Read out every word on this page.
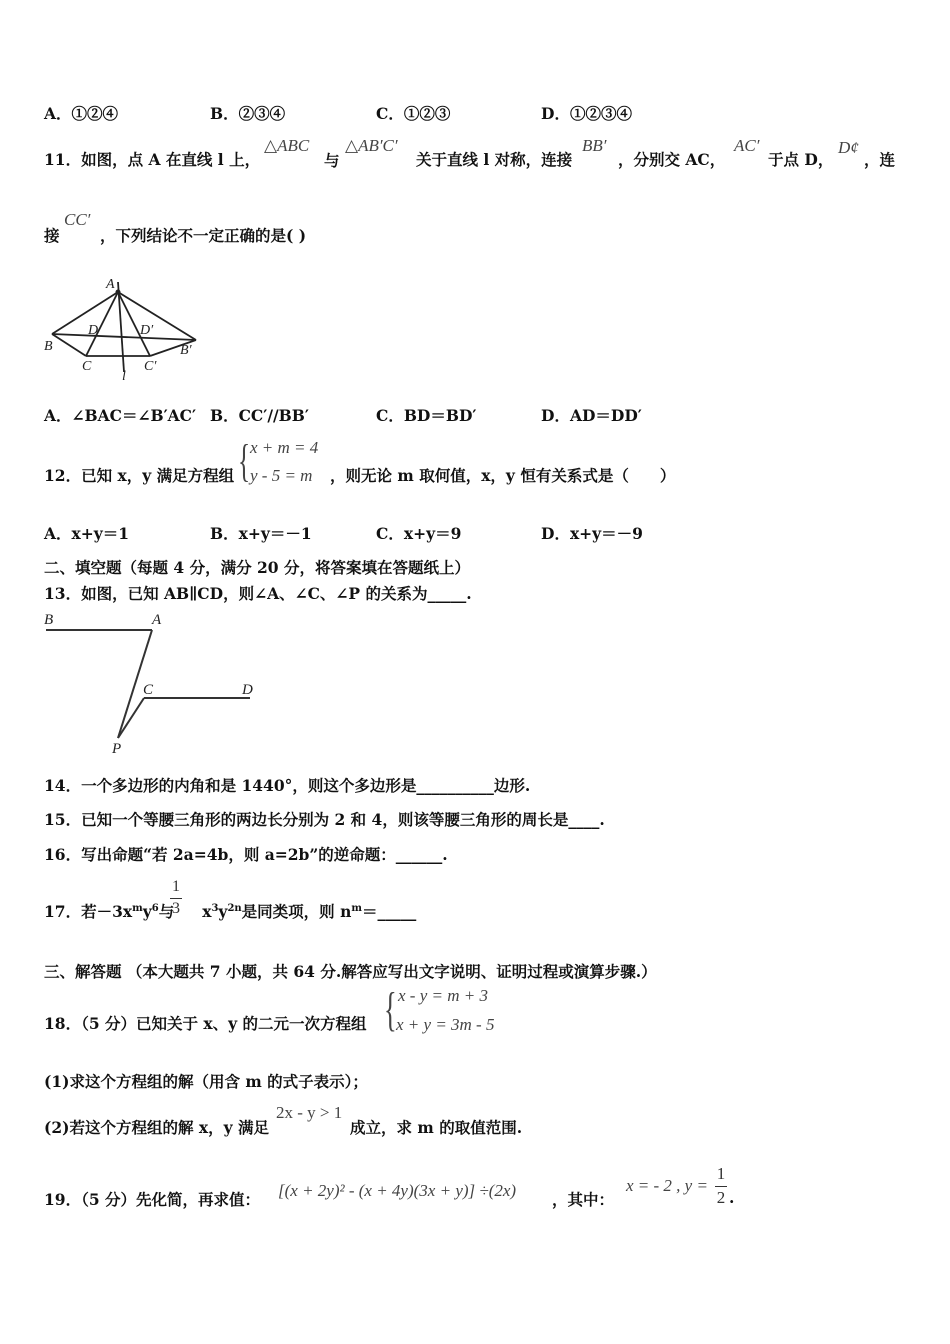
A．①②④	B．②③④	C．①②③	D．①②③④
11．如图，点 A 在直线 l 上，
△ABC
与
△AB′C′
关于直线 l 对称，连接
BB′
，分别交 AC，
AC′
于点 D，
D¢
，连
接
CC′
，下列结论不一定正确的是( )
A
B	B′
C	C′
D	D′
l
A．∠BAC＝∠B′AC′ B．CC′//BB′	C．BD＝BD′	D．AD＝DD′
12．已知 x，y 满足方程组 { x + m = 4
y - 5 = m ，则无论 m 取何值，x，y 恒有关系式是（　　）
A．x+y＝1	B．x+y＝－1	C．x+y＝9	D．x+y＝－9
二、填空题（每题 4 分，满分 20 分，将答案填在答题纸上）
13．如图，已知 AB∥CD，则∠A、∠C、∠P 的关系为_____.
B	A
C	D
P
14．一个多边形的内角和是 1440°，则这个多边形是__________边形.
15．已知一个等腰三角形的两边长分别为 2 和 4，则该等腰三角形的周长是____.
16．写出命题“若 2a=4b，则 a=2b”的逆命题：______.
17．若$-3x^my^6$与 $x^3y^{2n}$是同类项，则 $n^m=\_\_\_\_\_$
1
3
三、解答题 （本大题共 7 小题，共 64 分.解答应写出文字说明、证明过程或演算步骤.）
18．（5 分）已知关于 x、y 的二元一次方程组 { x - y = m + 3
x + y = 3m - 5
(1)求这个方程组的解（用含 m 的式子表示）；
(2)若这个方程组的解 x，y 满足
2x - y > 1
成立，求 m 的取值范围.
19．（5 分）先化简，再求值： [(x + 2y)² - (x + 4y)(3x + y)] ÷(2x) ，其中：
x = - 2 , y =
1
2 .
